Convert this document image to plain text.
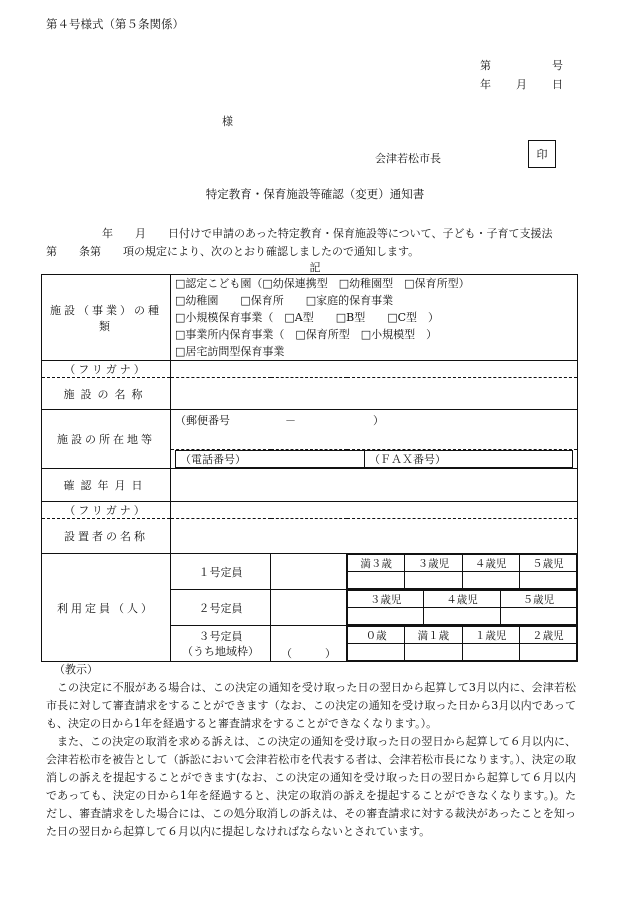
第４号様式（第５条関係）
第	号
年 月 日
様
会津若松市長	印
特定教育・保育施設等確認（変更）通知書
年　　月　　日付けで申請のあった特定教育・保育施設等について、子ども・子育て支援法
第　　条第　　項の規定により、次のとおり確認しましたので通知します。
記
施設（事業）の種類	
□認定こども園（□幼保連携型　□幼稚園型　□保育所型）
□幼稚園　　□保育所　　□家庭的保育事業
□小規模保育事業（　□A型　　□B型　　□C型　）
□事業所内保育事業（　□保育所型　□小規模型　）
□居宅訪問型保育事業

（フリガナ）	
施設の名称	
施設の所在地等	（郵便番号　　　　　－　　　　　　　）

（電話番号）	（ＦＡＸ番号）

確認年月日	
（フリガナ）	
設置者の名称	
利用定員（人）	１号定員		
満３歳	３歳児	４歳児	５歳児

２号定員		
３歳児	４歳児	５歳児

３号定員
（うち地域枠）	（　　　）	
０歳	満１歳	１歳児	２歳児

（教示）
この決定に不服がある場合は、この決定の通知を受け取った日の翌日から起算して3月以内に、会津若松市長に対して審査請求をすることができます（なお、この決定の通知を受け取った日から3月以内であっても、決定の日から1年を経過すると審査請求をすることができなくなります。）。
また、この決定の取消を求める訴えは、この決定の通知を受け取った日の翌日から起算して６月以内に、会津若松市を被告として（訴訟において会津若松市を代表する者は、会津若松市長になります。）、決定の取消しの訴えを提起することができます(なお、この決定の通知を受け取った日の翌日から起算して６月以内であっても、決定の日から1年を経過すると、決定の取消の訴えを提起することができなくなります。)。ただし、審査請求をした場合には、この処分取消しの訴えは、その審査請求に対する裁決があったことを知った日の翌日から起算して６月以内に提起しなければならないとされています。
